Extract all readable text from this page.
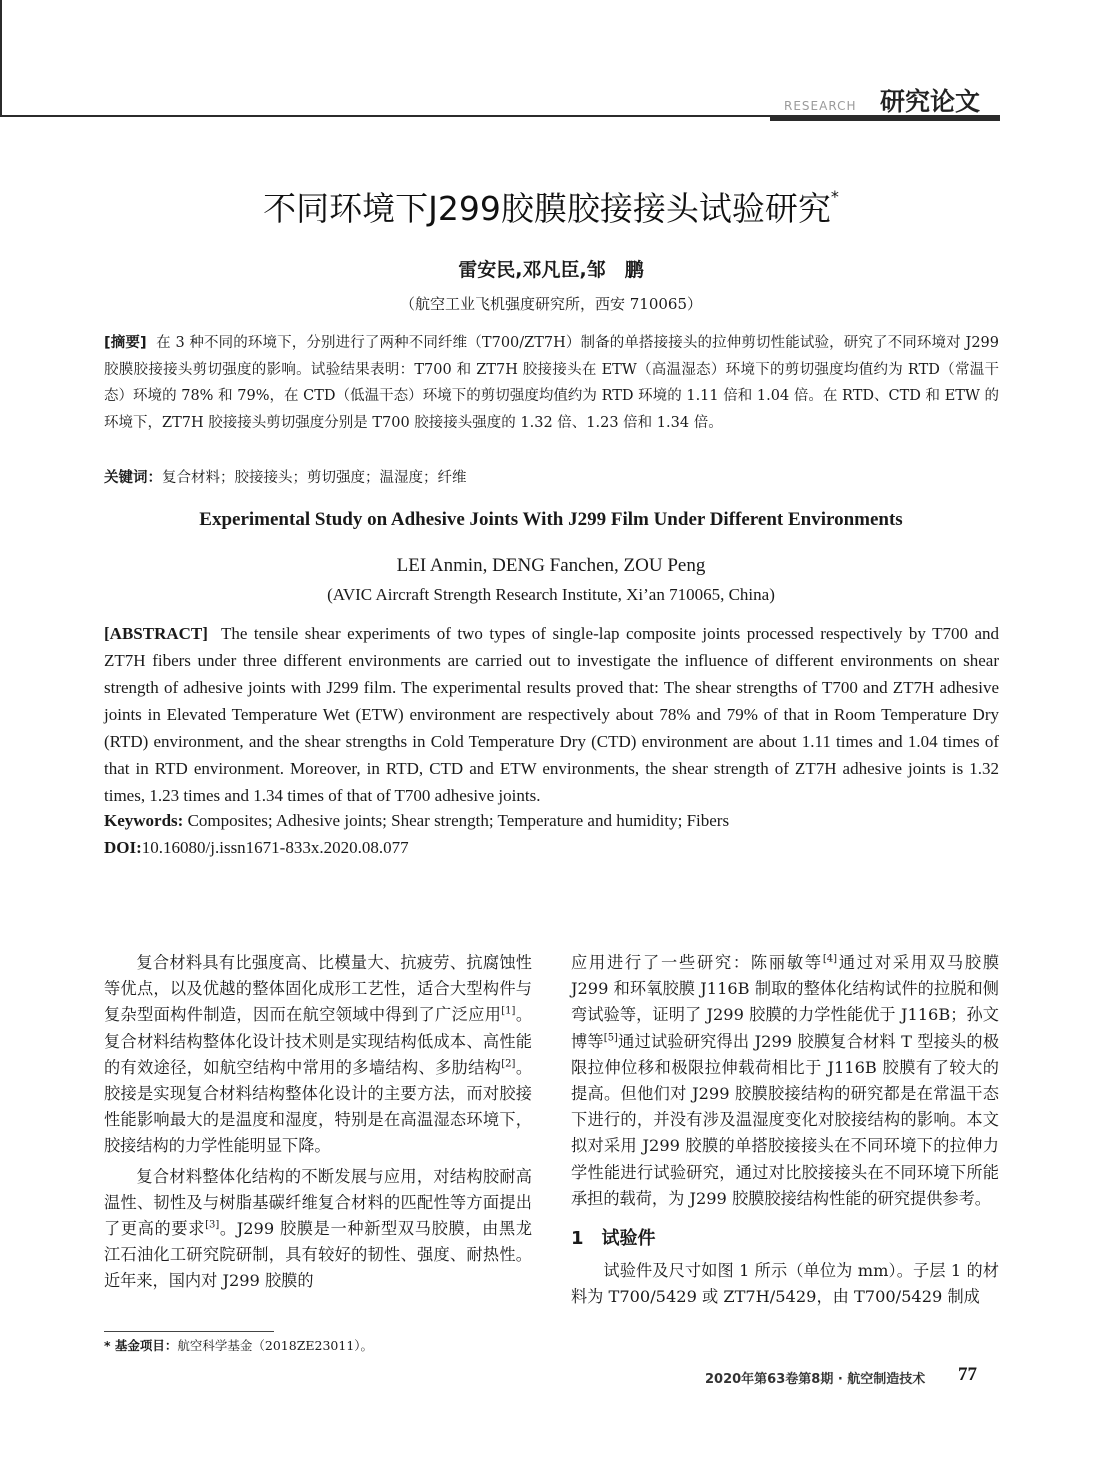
RESEARCH 研究论文
不同环境下J299胶膜胶接接头试验研究*
雷安民,邓凡臣,邹　鹏
（航空工业飞机强度研究所，西安 710065）
[摘要] 在 3 种不同的环境下，分别进行了两种不同纤维（T700/ZT7H）制备的单搭接接头的拉伸剪切性能试验，研究了不同环境对 J299 胶膜胶接接头剪切强度的影响。试验结果表明：T700 和 ZT7H 胶接接头在 ETW（高温湿态）环境下的剪切强度均值约为 RTD（常温干态）环境的 78% 和 79%，在 CTD（低温干态）环境下的剪切强度均值约为 RTD 环境的 1.11 倍和 1.04 倍。在 RTD、CTD 和 ETW 的环境下，ZT7H 胶接接头剪切强度分别是 T700 胶接接头强度的 1.32 倍、1.23 倍和 1.34 倍。
关键词：复合材料；胶接接头；剪切强度；温湿度；纤维
Experimental Study on Adhesive Joints With J299 Film Under Different Environments
LEI Anmin, DENG Fanchen, ZOU Peng
(AVIC Aircraft Strength Research Institute, Xi’an 710065, China)
[ABSTRACT] The tensile shear experiments of two types of single-lap composite joints processed respectively by T700 and ZT7H fibers under three different environments are carried out to investigate the influence of different environments on shear strength of adhesive joints with J299 film. The experimental results proved that: The shear strengths of T700 and ZT7H adhesive joints in Elevated Temperature Wet (ETW) environment are respectively about 78% and 79% of that in Room Temperature Dry (RTD) environment, and the shear strengths in Cold Temperature Dry (CTD) environment are about 1.11 times and 1.04 times of that in RTD environment. Moreover, in RTD, CTD and ETW environments, the shear strength of ZT7H adhesive joints is 1.32 times, 1.23 times and 1.34 times of that of T700 adhesive joints.
Keywords: Composites; Adhesive joints; Shear strength; Temperature and humidity; Fibers
DOI:10.16080/j.issn1671-833x.2020.08.077

复合材料具有比强度高、比模量大、抗疲劳、抗腐蚀性等优点，以及优越的整体固化成形工艺性，适合大型构件与复杂型面构件制造，因而在航空领域中得到了广泛应用[1]。复合材料结构整体化设计技术则是实现结构低成本、高性能的有效途径，如航空结构中常用的多墙结构、多肋结构[2]。胶接是实现复合材料结构整体化设计的主要方法，而对胶接性能影响最大的是温度和湿度，特别是在高温湿态环境下，胶接结构的力学性能明显下降。

复合材料整体化结构的不断发展与应用，对结构胶耐高温性、韧性及与树脂基碳纤维复合材料的匹配性等方面提出了更高的要求[3]。J299 胶膜是一种新型双马胶膜，由黑龙江石油化工研究院研制，具有较好的韧性、强度、耐热性。近年来，国内对 J299 胶膜的

应用进行了一些研究：陈丽敏等[4]通过对采用双马胶膜 J299 和环氧胶膜 J116B 制取的整体化结构试件的拉脱和侧弯试验等，证明了 J299 胶膜的力学性能优于 J116B；孙文博等[5]通过试验研究得出 J299 胶膜复合材料 T 型接头的极限拉伸位移和极限拉伸载荷相比于 J116B 胶膜有了较大的提高。但他们对 J299 胶膜胶接结构的研究都是在常温干态下进行的，并没有涉及温湿度变化对胶接结构的影响。本文拟对采用 J299 胶膜的单搭胶接接头在不同环境下的拉伸力学性能进行试验研究，通过对比胶接接头在不同环境下所能承担的载荷，为 J299 胶膜胶接结构性能的研究提供参考。

1　试验件

试验件及尺寸如图 1 所示（单位为 mm）。子层 1 的材料为 T700/5429 或 ZT7H/5429，由 T700/5429 制成

* 基金项目：航空科学基金（2018ZE23011）。
2020年第63卷第8期 · 航空制造技术 77
